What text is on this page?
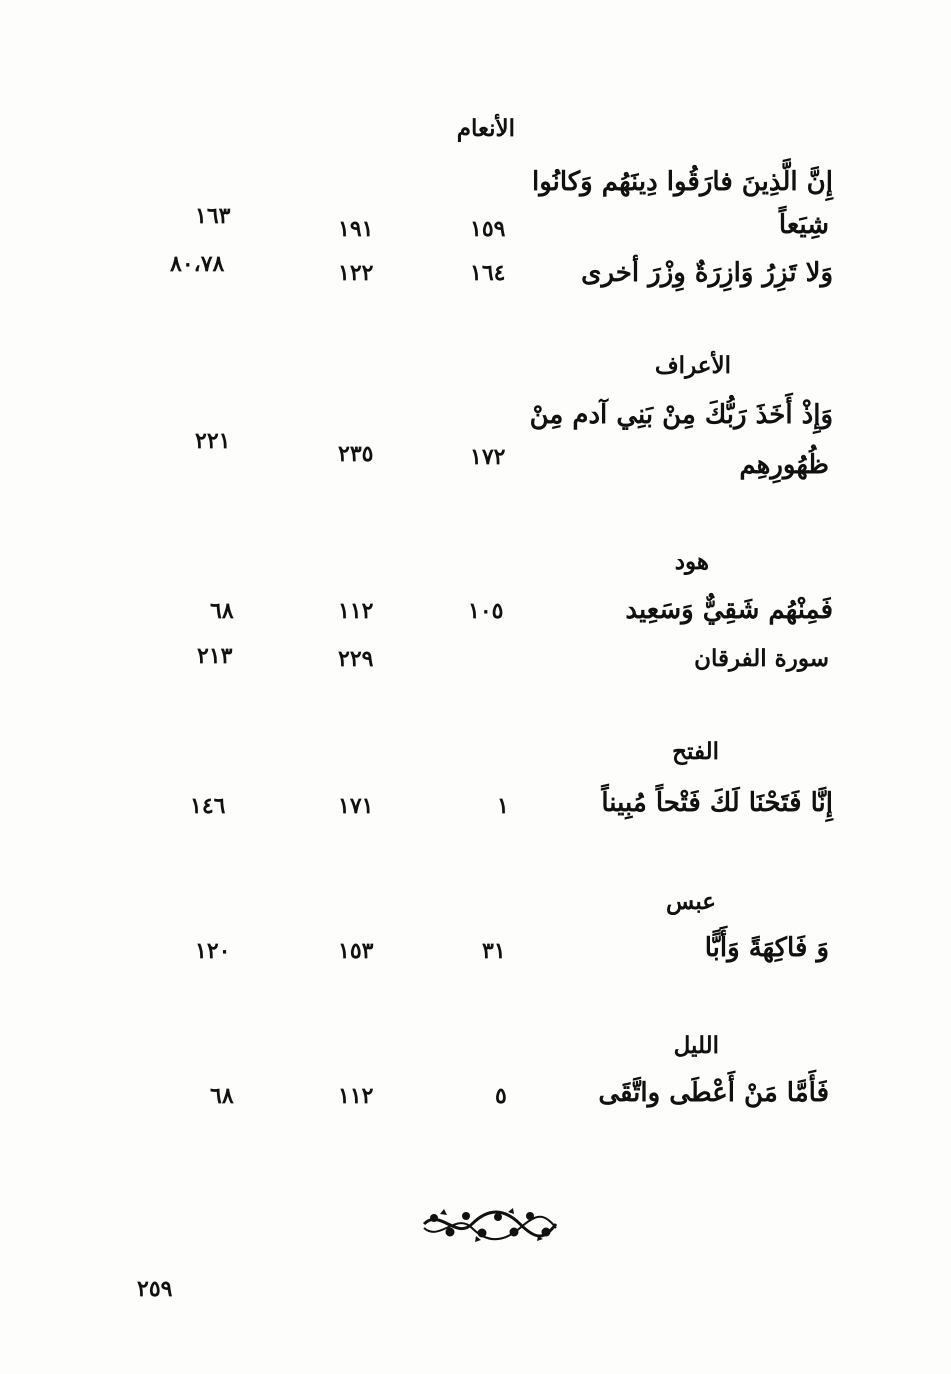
الأنعام
إِنَّ الَّذِينَ فارَقُوا دِينَهُم وَكانُوا
شِيَعاً
١٥٩
١٩١
١٦٣
وَلا تَزِرُ وَازِرَةٌ وِزْرَ أخرى
١٦٤
١٢٢
٨٠،٧٨
الأعراف
وَإِذْ أَخَذَ رَبُّكَ مِنْ بَنِي آدم مِنْ
ظُهُورِهِم
١٧٢
٢٣٥
٢٢١
هود
فَمِنْهُم شَقِيٌّ وَسَعِيد
١٠٥
١١٢
٦٨
سورة الفرقان
٢٢٩
٢١٣
الفتح
إِنَّا فَتَحْنَا لَكَ فَتْحاً مُبِيناً
١
١٧١
١٤٦
عبس
وَ فَاكِهَةً وَأَبًّا
٣١
١٥٣
١٢٠
الليل
فَأَمَّا مَنْ أَعْطَى واتَّقَى
٥
١١٢
٦٨
٢٥٩
